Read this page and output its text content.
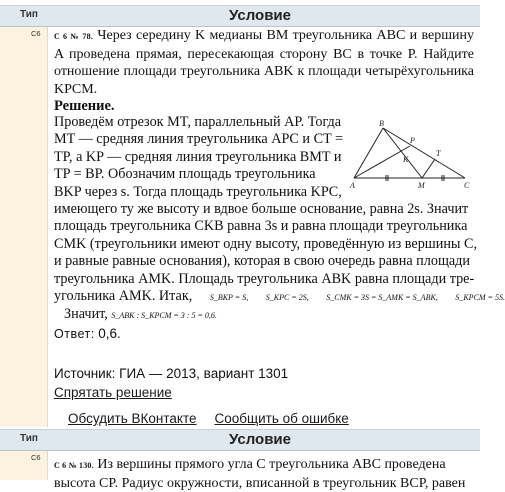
Тип	Условие
C6 С 6 № 78. Через середину K медианы BM треугольника ABC и вершину A проведена прямая, пересекающая сторону BC в точке P. Найдите отношение площади треугольника ABK к площади четырёхугольника KPCM.
Решение.
Проведём отрезок MT, параллельный AP. Тогда
MT — средняя линия треугольника APC и CT =
TP, а KP — средняя линия треугольника BMT и
TP = BP. Обозначим площадь треугольника
BKP через s. Тогда площадь треугольника KPC,
B
P
T
K
A	M	C
имеющего ту же высоту и вдвое больше основание, равна 2s. Значит
площадь треугольника CKB равна 3s и равна площади треугольника
CMK (треугольники имеют одну высоту, проведённую из вершины C,
и равные равные основания), которая в свою очередь равна площади
треугольника AMK. Площадь треугольника ABK равна площади тре-
угольника AMK. Итак, S_BKP = S, S_KPC = 2S, S_CMK = 3S = S_AMK = S_ABK, S_KPCM = 5S.
Значит, S_ABK : S_KPCM = 3 : 5 = 0,6.
Ответ: 0,6.
Источник: ГИА — 2013, вариант 1301
Спрятать решение
Обсудить ВКонтакте Сообщить об ошибке
Тип	Условие
C6
С 6 № 130. Из вершины прямого угла C треугольника ABC проведена
высота CP. Радиус окружности, вписанной в треугольник BCP, равен
